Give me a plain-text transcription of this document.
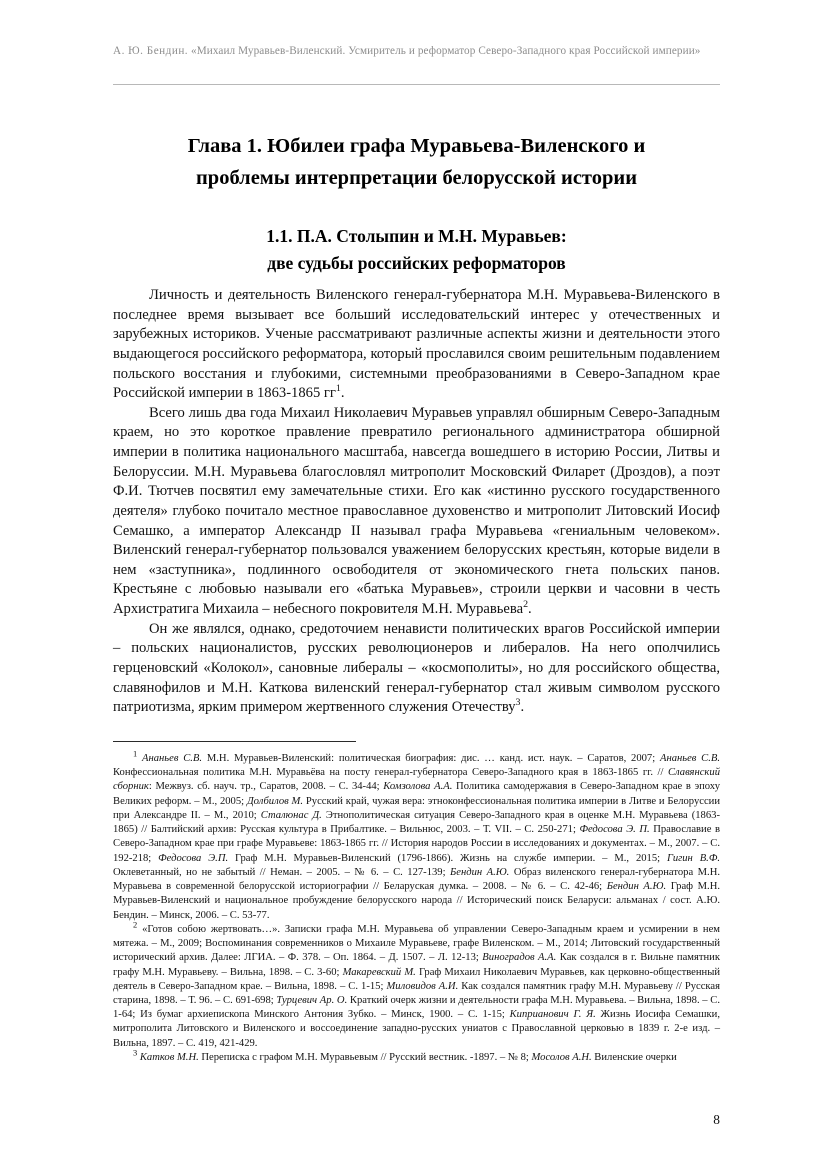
А. Ю. Бендин. «Михаил Муравьев-Виленский. Усмиритель и реформатор Северо-Западного края Российской империи»
Глава 1. Юбилеи графа Муравьева-Виленского и
проблемы интерпретации белорусской истории
1.1. П.А. Столыпин и М.Н. Муравьев:
две судьбы российских реформаторов

Личность и деятельность Виленского генерал-губернатора М.Н. Муравьева-Виленского в последнее время вызывает все больший исследовательский интерес у отечественных и зарубежных историков. Ученые рассматривают различные аспекты жизни и деятельности этого выдающегося российского реформатора, который прославился своим решительным подавлением польского восстания и глубокими, системными преобразованиями в Северо-Западном крае Российской империи в 1863-1865 $гг^1$.

Всего лишь два года Михаил Николаевич Муравьев управлял обширным Северо-Западным краем, но это короткое правление превратило регионального администратора обширной империи в политика национального масштаба, навсегда вошедшего в историю России, Литвы и Белоруссии. М.Н. Муравьева благословлял митрополит Московский Филарет (Дроздов), а поэт Ф.И. Тютчев посвятил ему замечательные стихи. Его как «истинно русского государственного деятеля» глубоко почитало местное православное духовенство и митрополит Литовский Иосиф Семашко, а император Александр II называл графа Муравьева «гениальным человеком». Виленский генерал-губернатор пользовался уважением белорусских крестьян, которые видели в нем «заступника», подлинного освободителя от экономического гнета польских панов. Крестьяне с любовью называли его «батька Муравьев», строили церкви и часовни в честь Архистратига Михаила – небесного покровителя М.Н. Муравьева$^2$.

Он же являлся, однако, средоточием ненависти политических врагов Российской империи – польских националистов, русских революционеров и либералов. На него ополчились герценовский «Колокол», сановные либералы – «космополиты», но для российского общества, славянофилов и М.Н. Каткова виленский генерал-губернатор стал живым символом русского патриотизма, ярким примером жертвенного служения Отечеству$^3$.

$^1$ Ананьев С.В. М.Н. Муравьев-Виленский: политическая биография: дис. … канд. ист. наук. – Саратов, 2007; Ананьев С.В. Конфессиональная политика М.Н. Муравьёва на посту генерал-губернатора Северо-Западного края в 1863-1865 гг. // Славянский сборник: Межвуз. сб. науч. тр., Саратов, 2008. – С. 34-44; Комзолова А.А. Политика самодержавия в Северо-Западном крае в эпоху Великих реформ. – М., 2005; Долбилов М. Русский край, чужая вера: этноконфессиональная политика империи в Литве и Белоруссии при Александре II. – М., 2010; Сталюнас Д. Этнополитическая ситуация Северо-Западного края в оценке М.Н. Муравьева (1863-1865) // Балтийский архив: Русская культура в Прибалтике. – Вильнюс, 2003. – Т. VII. – С. 250-271; Федосова Э. П. Православие в Северо-Западном крае при графе Муравьеве: 1863-1865 гг. // История народов России в исследованиях и документах. – М., 2007. – С. 192-218; Федосова Э.П. Граф М.Н. Муравьев-Виленский (1796-1866). Жизнь на службе империи. – М., 2015; Гигин В.Ф. Оклеветанный, но не забытый // Неман. – 2005. – № 6. – С. 127-139; Бендин А.Ю. Образ виленского генерал-губернатора М.Н. Муравьева в современной белорусской историографии // Беларуская думка. – 2008. – № 6. – С. 42-46; Бендин А.Ю. Граф М.Н. Муравьев-Виленский и национальное пробуждение белорусского народа // Исторический поиск Беларуси: альманах / сост. А.Ю. Бендин. – Минск, 2006. – С. 53-77.

$^2$ «Готов собою жертвовать…». Записки графа М.Н. Муравьева об управлении Северо-Западным краем и усмирении в нем мятежа. – М., 2009; Воспоминания современников о Михаиле Муравьеве, графе Виленском. – М., 2014; Литовский государственный исторический архив. Далее: ЛГИА. – Ф. 378. – Оп. 1864. – Д. 1507. – Л. 12-13; Виноградов А.А. Как создался в г. Вильне памятник графу М.Н. Муравьеву. – Вильна, 1898. – С. 3-60; Макаревский М. Граф Михаил Николаевич Муравьев, как церковно-общественный деятель в Северо-Западном крае. – Вильна, 1898. – С. 1-15; Миловидов А.И. Как создался памятник графу М.Н. Муравьеву // Русская старина, 1898. – Т. 96. – С. 691-698; Турцевич Ар. О. Краткий очерк жизни и деятельности графа М.Н. Муравьева. – Вильна, 1898. – С. 1-64; Из бумаг архиепископа Минского Антония Зубко. – Минск, 1900. – С. 1-15; Киприанович Г. Я. Жизнь Иосифа Семашки, митрополита Литовского и Виленского и воссоединение западно-русских униатов с Православной церковью в 1839 г. 2-е изд. – Вильна, 1897. – С. 419, 421-429.

$^3$ Катков М.Н. Переписка с графом М.Н. Муравьевым // Русский вестник. -1897. – № 8; Мосолов А.Н. Виленские очерки

8
